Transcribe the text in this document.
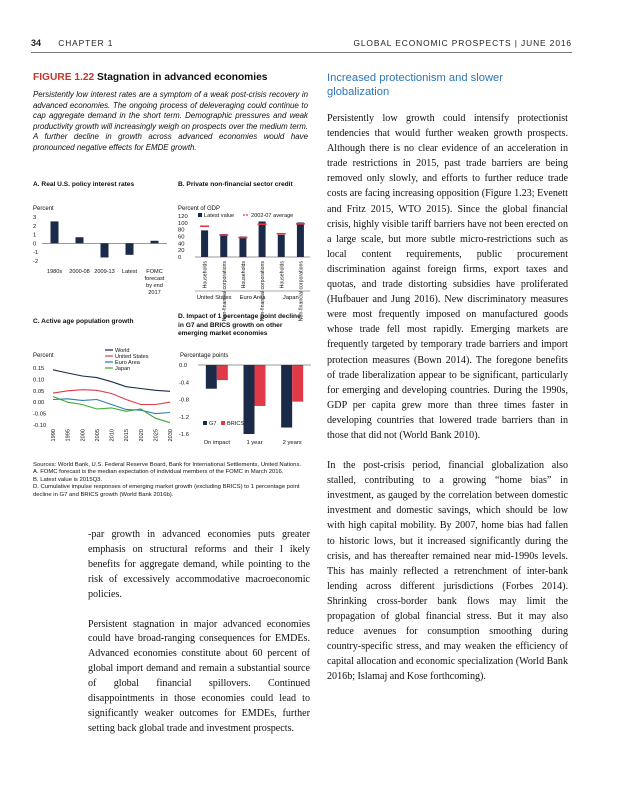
34 CHAPTER 1	GLOBAL ECONOMIC PROSPECTS | JUNE 2016
FIGURE 1.22 Stagnation in advanced economies
Persistently low interest rates are a symptom of a weak post-crisis recovery in advanced economies. The ongoing process of deleveraging could continue to cap aggregate demand in the short term. Demographic pressures and weak productivity growth will increasingly weigh on prospects over the medium term. A further decline in growth across advanced economies would have pronounced negative effects for EMDE growth.
A. Real U.S. policy interest rates	B. Private non-financial sector credit
C. Active age population growth
D. Impact of 1 percentage point decline in G7 and BRICS growth on other emerging market economies
Percent
-2
-1
0
1
2
3
1980s 2000-08 2009-13 Latest FOMC
forecast
by end
2017
Percent of GDP
0
20
40
60
80
100
120	Latest value	2002-07 average
Households	Non-financial corporations	Households	Non-financial corporations	Households	Non-financial corporations
United States Euro Area	Japan
Percent
-0.10
-0.05
0.00
0.05
0.10
0.15
World
United States
Euro Area
Japan
1990 1995 2000 2005 2010 2015 2020 2025 2030
Percentage points
0.0
-0.4
-0.8
-1.2
-1.6
On impact	1 year	2 years
G7 BRICS
Sources: World Bank, U.S. Federal Reserve Board, Bank for International Settlements, United Nations.
A. FOMC forecast is the median expectation of individual members of the FOMC in March 2016.
B. Latest value is 2015Q3.
D. Cumulative impulse responses of emerging market growth (excluding BRICS) to 1 percentage point decline in G7 and BRICS growth (World Bank 2016b).

-par growth in advanced economies puts greater emphasis on structural reforms and their l ikely benefits for aggregate demand, while pointing to the risk of excessively accommodative macroeconomic policies.

Persistent stagnation in major advanced economies could have broad-ranging consequences for EMDEs. Advanced economies constitute about 60 percent of global import demand and remain a substantial source of global financial spillovers. Continued disappointments in those economies could lead to significantly weaker outcomes for EMDEs, further setting back global trade and investment prospects.

Increased protectionism and slower globalization

Persistently low growth could intensify protectionist tendencies that would further weaken growth prospects. Although there is no clear evidence of an acceleration in trade restrictions in 2015, past trade barriers are being removed only slowly, and efforts to further reduce trade costs are facing increasing opposition (Figure 1.23; Evenett and Fritz 2015, WTO 2015). Since the global financial crisis, highly visible tariff barriers have not been erected on a large scale, but more subtle micro-restrictions such as local content requirements, public procurement discrimination against foreign firms, export taxes and quotas, and trade distorting subsidies have proliferated (Hufbauer and Jung 2016). New discriminatory measures were most frequently imposed on manufactured goods whose trade fell most rapidly. Emerging markets are frequently targeted by temporary trade barriers and import protection measures (Bown 2014). The foregone benefits of trade liberalization appear to be significant, particularly for emerging and developing countries. During the 1990s, GDP per capita grew more than three times faster in developing countries that lowered trade barriers than in those that did not (World Bank 2010).

In the post-crisis period, financial globalization also stalled, contributing to a growing “home bias” in investment, as gauged by the correlation between domestic investment and domestic savings, which should be low with high capital mobility. By 2007, home bias had fallen to historic lows, but it increased significantly during the crisis, and has thereafter remained near mid-1990s levels. This has mainly reflected a retrenchment of inter-bank lending across different jurisdictions (Forbes 2014). Shrinking cross-border bank flows may limit the propagation of global financial stress. But it may also reduce avenues for consumption smoothing during country-specific stress, and may weaken the efficiency of capital allocation and economic specialization (World Bank 2016b; Islamaj and Kose forthcoming).
